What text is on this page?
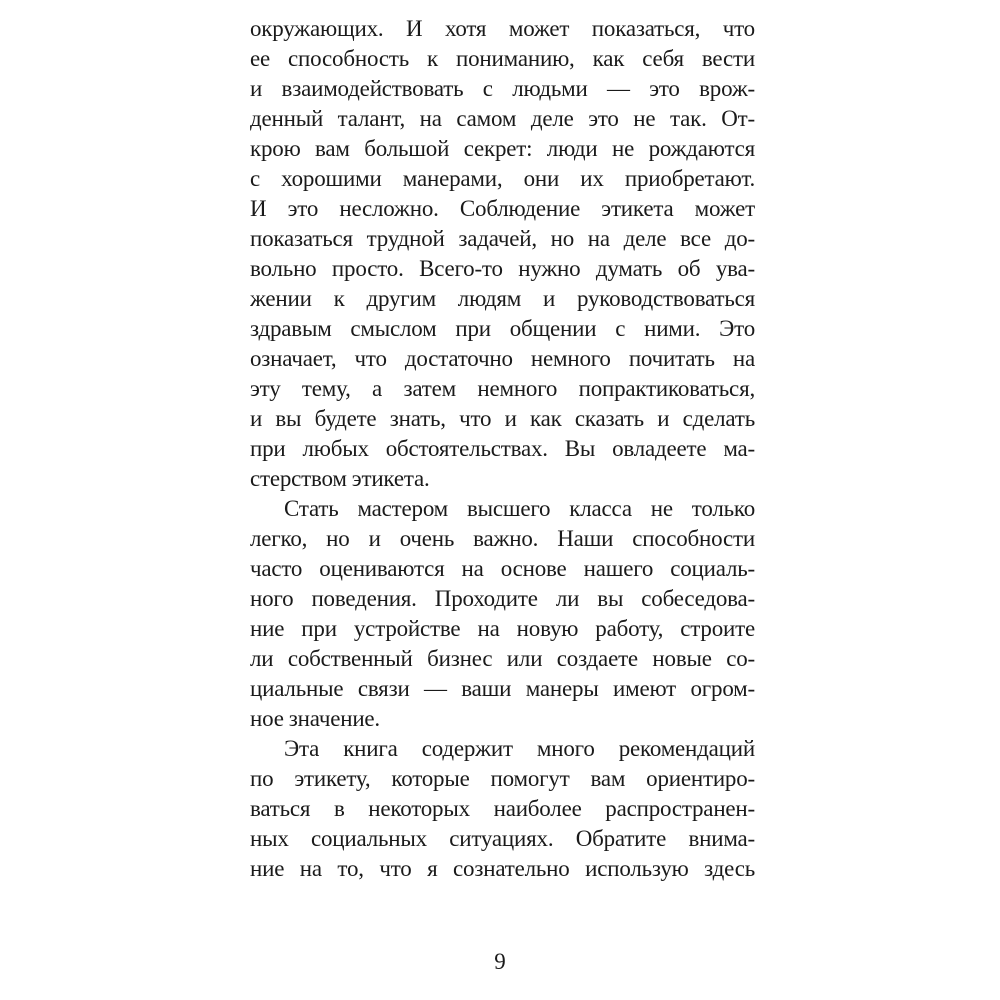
окружающих. И хотя может показаться, что
ее способность к пониманию, как себя вести
и взаимодействовать с людьми — это врож-
денный талант, на самом деле это не так. От-
крою вам большой секрет: люди не рождаются
с хорошими манерами, они их приобретают.
И это несложно. Соблюдение этикета может
показаться трудной задачей, но на деле все до-
вольно просто. Всего-то нужно думать об ува-
жении к другим людям и руководствоваться
здравым смыслом при общении с ними. Это
означает, что достаточно немного почитать на
эту тему, а затем немного попрактиковаться,
и вы будете знать, что и как сказать и сделать
при любых обстоятельствах. Вы овладеете ма-
стерством этикета.
Стать мастером высшего класса не только
легко, но и очень важно. Наши способности
часто оцениваются на основе нашего социаль-
ного поведения. Проходите ли вы собеседова-
ние при устройстве на новую работу, строите
ли собственный бизнес или создаете новые со-
циальные связи — ваши манеры имеют огром-
ное значение.
Эта книга содержит много рекомендаций
по этикету, которые помогут вам ориентиро-
ваться в некоторых наиболее распространен-
ных социальных ситуациях. Обратите внима-
ние на то, что я сознательно использую здесь
9
